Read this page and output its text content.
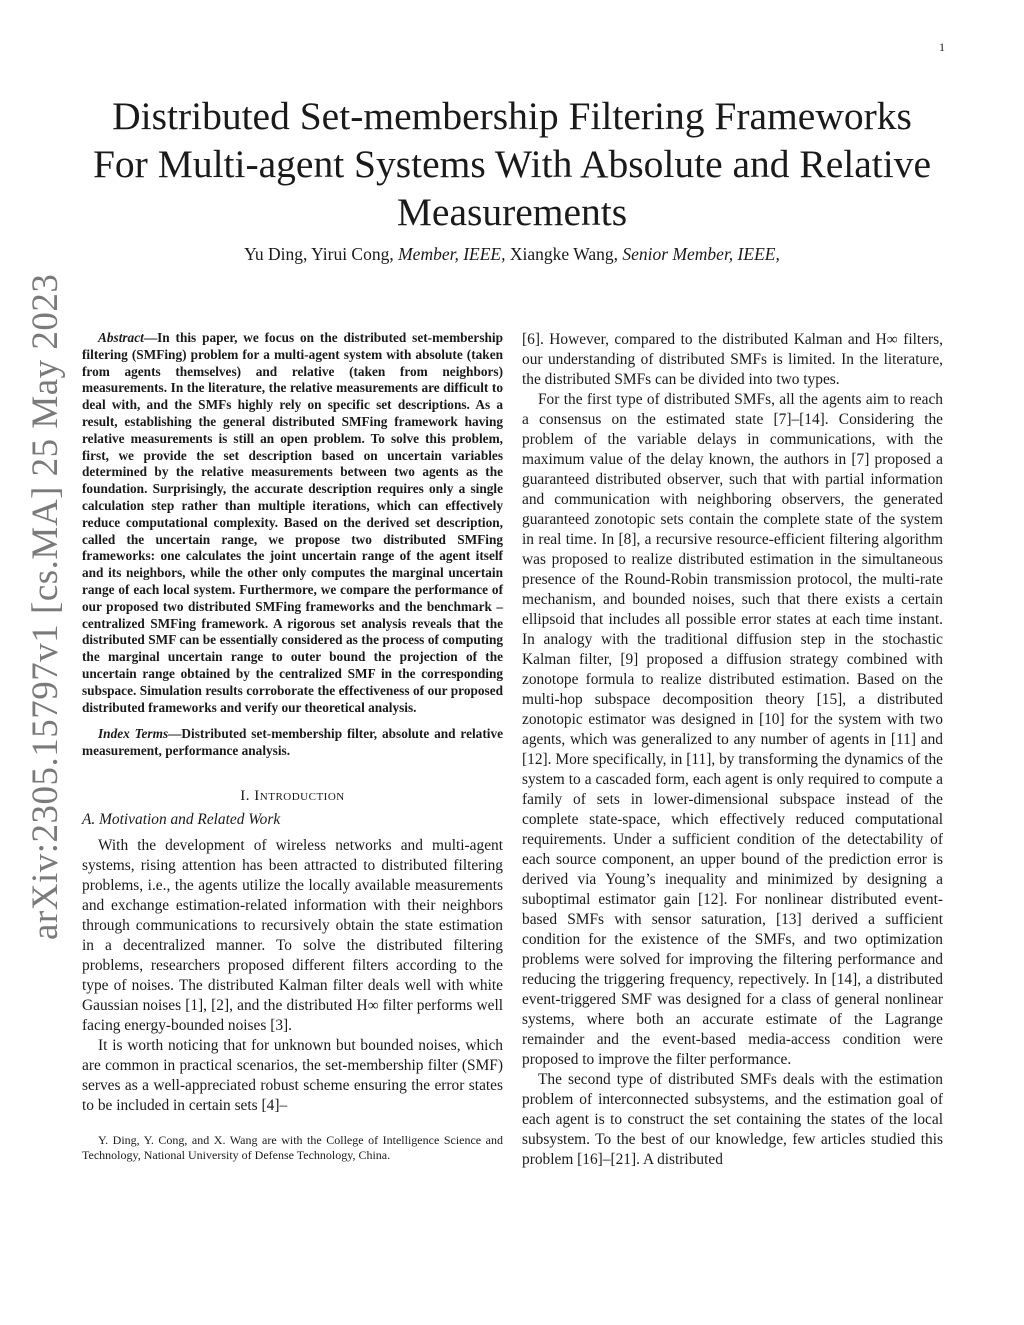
1
arXiv:2305.15797v1 [cs.MA] 25 May 2023
Distributed Set-membership Filtering Frameworks For Multi-agent Systems With Absolute and Relative Measurements
Yu Ding, Yirui Cong, Member, IEEE, Xiangke Wang, Senior Member, IEEE,

Abstract—In this paper, we focus on the distributed set-membership filtering (SMFing) problem for a multi-agent system with absolute (taken from agents themselves) and relative (taken from neighbors) measurements. In the literature, the relative measurements are difficult to deal with, and the SMFs highly rely on specific set descriptions. As a result, establishing the general distributed SMFing framework having relative measurements is still an open problem. To solve this problem, first, we provide the set description based on uncertain variables determined by the relative measurements between two agents as the foundation. Surprisingly, the accurate description requires only a single calculation step rather than multiple iterations, which can effectively reduce computational complexity. Based on the derived set description, called the uncertain range, we propose two distributed SMFing frameworks: one calculates the joint uncertain range of the agent itself and its neighbors, while the other only computes the marginal uncertain range of each local system. Furthermore, we compare the performance of our proposed two distributed SMFing frameworks and the benchmark – centralized SMFing framework. A rigorous set analysis reveals that the distributed SMF can be essentially considered as the process of computing the marginal uncertain range to outer bound the projection of the uncertain range obtained by the centralized SMF in the corresponding subspace. Simulation results corroborate the effectiveness of our proposed distributed frameworks and verify our theoretical analysis.

Index Terms—Distributed set-membership filter, absolute and relative measurement, performance analysis.

I. Introduction
A. Motivation and Related Work

With the development of wireless networks and multi-agent systems, rising attention has been attracted to distributed filtering problems, i.e., the agents utilize the locally available measurements and exchange estimation-related information with their neighbors through communications to recursively obtain the state estimation in a decentralized manner. To solve the distributed filtering problems, researchers proposed different filters according to the type of noises. The distributed Kalman filter deals well with white Gaussian noises [1], [2], and the distributed H∞ filter performs well facing energy-bounded noises [3].

It is worth noticing that for unknown but bounded noises, which are common in practical scenarios, the set-membership filter (SMF) serves as a well-appreciated robust scheme ensuring the error states to be included in certain sets [4]–

Y. Ding, Y. Cong, and X. Wang are with the College of Intelligence Science and Technology, National University of Defense Technology, China.

[6]. However, compared to the distributed Kalman and H∞ filters, our understanding of distributed SMFs is limited. In the literature, the distributed SMFs can be divided into two types.

For the first type of distributed SMFs, all the agents aim to reach a consensus on the estimated state [7]–[14]. Considering the problem of the variable delays in communications, with the maximum value of the delay known, the authors in [7] proposed a guaranteed distributed observer, such that with partial information and communication with neighboring observers, the generated guaranteed zonotopic sets contain the complete state of the system in real time. In [8], a recursive resource-efficient filtering algorithm was proposed to realize distributed estimation in the simultaneous presence of the Round-Robin transmission protocol, the multi-rate mechanism, and bounded noises, such that there exists a certain ellipsoid that includes all possible error states at each time instant. In analogy with the traditional diffusion step in the stochastic Kalman filter, [9] proposed a diffusion strategy combined with zonotope formula to realize distributed estimation. Based on the multi-hop subspace decomposition theory [15], a distributed zonotopic estimator was designed in [10] for the system with two agents, which was generalized to any number of agents in [11] and [12]. More specifically, in [11], by transforming the dynamics of the system to a cascaded form, each agent is only required to compute a family of sets in lower-dimensional subspace instead of the complete state-space, which effectively reduced computational requirements. Under a sufficient condition of the detectability of each source component, an upper bound of the prediction error is derived via Young’s inequality and minimized by designing a suboptimal estimator gain [12]. For nonlinear distributed event-based SMFs with sensor saturation, [13] derived a sufficient condition for the existence of the SMFs, and two optimization problems were solved for improving the filtering performance and reducing the triggering frequency, repectively. In [14], a distributed event-triggered SMF was designed for a class of general nonlinear systems, where both an accurate estimate of the Lagrange remainder and the event-based media-access condition were proposed to improve the filter performance.

The second type of distributed SMFs deals with the estimation problem of interconnected subsystems, and the estimation goal of each agent is to construct the set containing the states of the local subsystem. To the best of our knowledge, few articles studied this problem [16]–[21]. A distributed
